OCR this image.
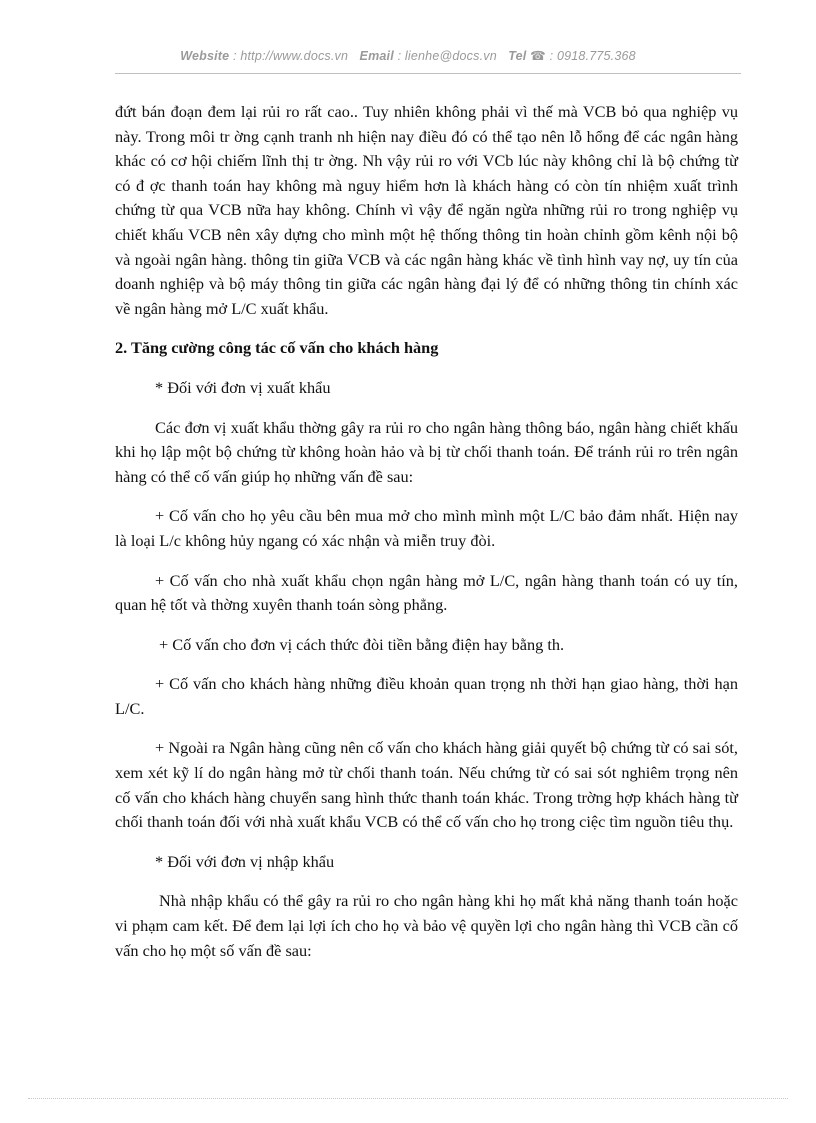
Website : http://www.docs.vn Email : lienhe@docs.vn Tel ☎ : 0918.775.368

đứt bán đoạn đem lại rủi ro rất cao.. Tuy nhiên không phải vì thế mà VCB bỏ qua nghiệp vụ này. Trong môi tr ờng cạnh tranh nh hiện nay điều đó có thể tạo nên lỗ hổng để các ngân hàng khác có cơ hội chiếm lĩnh thị tr ờng. Nh vậy rủi ro với VCb lúc này không chỉ là bộ chứng từ có đ ợc thanh toán hay không mà nguy hiểm hơn là khách hàng có còn tín nhiệm xuất trình chứng từ qua VCB nữa hay không. Chính vì vậy để ngăn ngừa những rủi ro trong nghiệp vụ chiết khấu VCB nên xây dựng cho mình một hệ thống thông tin hoàn chỉnh gồm kênh nội bộ và ngoài ngân hàng. thông tin giữa VCB và các ngân hàng khác về tình hình vay nợ, uy tín của doanh nghiệp và bộ máy thông tin giữa các ngân hàng đại lý để có những thông tin chính xác về ngân hàng mở L/C xuất khẩu.

2. Tăng cường công tác cố vấn cho khách hàng

* Đối với đơn vị xuất khẩu

Các đơn vị xuất khẩu thờng gây ra rủi ro cho ngân hàng thông báo, ngân hàng chiết khấu khi họ lập một bộ chứng từ không hoàn hảo và bị từ chối thanh toán. Để tránh rủi ro trên ngân hàng có thể cố vấn giúp họ những vấn đề sau:

+ Cố vấn cho họ yêu cầu bên mua mở cho mình mình một L/C bảo đảm nhất. Hiện nay là loại L/c không hủy ngang có xác nhận và miễn truy đòi.

+ Cố vấn cho nhà xuất khẩu chọn ngân hàng mở L/C, ngân hàng thanh toán có uy tín, quan hệ tốt và thờng xuyên thanh toán sòng phẳng.

+ Cố vấn cho đơn vị cách thức đòi tiền bằng điện hay bằng th.

+ Cố vấn cho khách hàng những điều khoản quan trọng nh thời hạn giao hàng, thời hạn L/C.

+ Ngoài ra Ngân hàng cũng nên cố vấn cho khách hàng giải quyết bộ chứng từ có sai sót, xem xét kỹ lí do ngân hàng mở từ chối thanh toán. Nếu chứng từ có sai sót nghiêm trọng nên cố vấn cho khách hàng chuyển sang hình thức thanh toán khác. Trong trờng hợp khách hàng từ chối thanh toán đối với nhà xuất khẩu VCB có thể cố vấn cho họ trong ciệc tìm nguồn tiêu thụ.

* Đối với đơn vị nhập khẩu

Nhà nhập khẩu có thể gây ra rủi ro cho ngân hàng khi họ mất khả năng thanh toán hoặc vi phạm cam kết. Để đem lại lợi ích cho họ và bảo vệ quyền lợi cho ngân hàng thì VCB cần cố vấn cho họ một số vấn đề sau:
